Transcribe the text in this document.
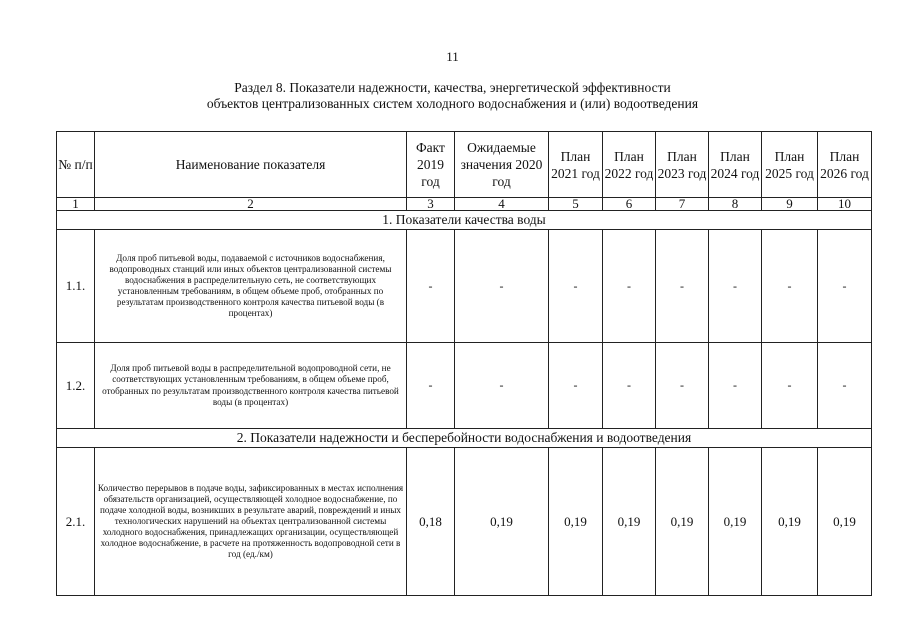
11
Раздел 8. Показатели надежности, качества, энергетической эффективности
объектов централизованных систем холодного водоснабжения и (или) водоотведения
№ п/п	Наименование показателя	Факт 2019 год	Ожидаемые значения 2020 год	План 2021 год	План 2022 год	План 2023 год	План 2024 год	План 2025 год	План 2026 год
1	2	3	4	5	6	7	8	9	10
1. Показатели качества воды									
1.1.	Доля проб питьевой воды, подаваемой с источников водоснабжения, водопроводных станций или иных объектов централизованной системы водоснабжения в распределительную сеть, не соответствующих установленным требованиям, в общем объеме проб, отобранных по результатам производственного контроля качества питьевой воды (в процентах)	-	-	-	-	-	-	-	-
1.2.	Доля проб питьевой воды в распределительной водопроводной сети, не соответствующих установленным требованиям, в общем объеме проб, отобранных по результатам производственного контроля качества питьевой воды (в процентах)	-	-	-	-	-	-	-	-
2. Показатели надежности и бесперебойности водоснабжения и водоотведения									
2.1.	Количество перерывов в подаче воды, зафиксированных в местах исполнения обязательств организацией, осуществляющей холодное водоснабжение, по подаче холодной воды, возникших в результате аварий, повреждений и иных технологических нарушений на объектах централизованной системы холодного водоснабжения, принадлежащих организации, осуществляющей холодное водоснабжение, в расчете на протяженность водопроводной сети в год (ед./км)	0,18	0,19	0,19	0,19	0,19	0,19	0,19	0,19
